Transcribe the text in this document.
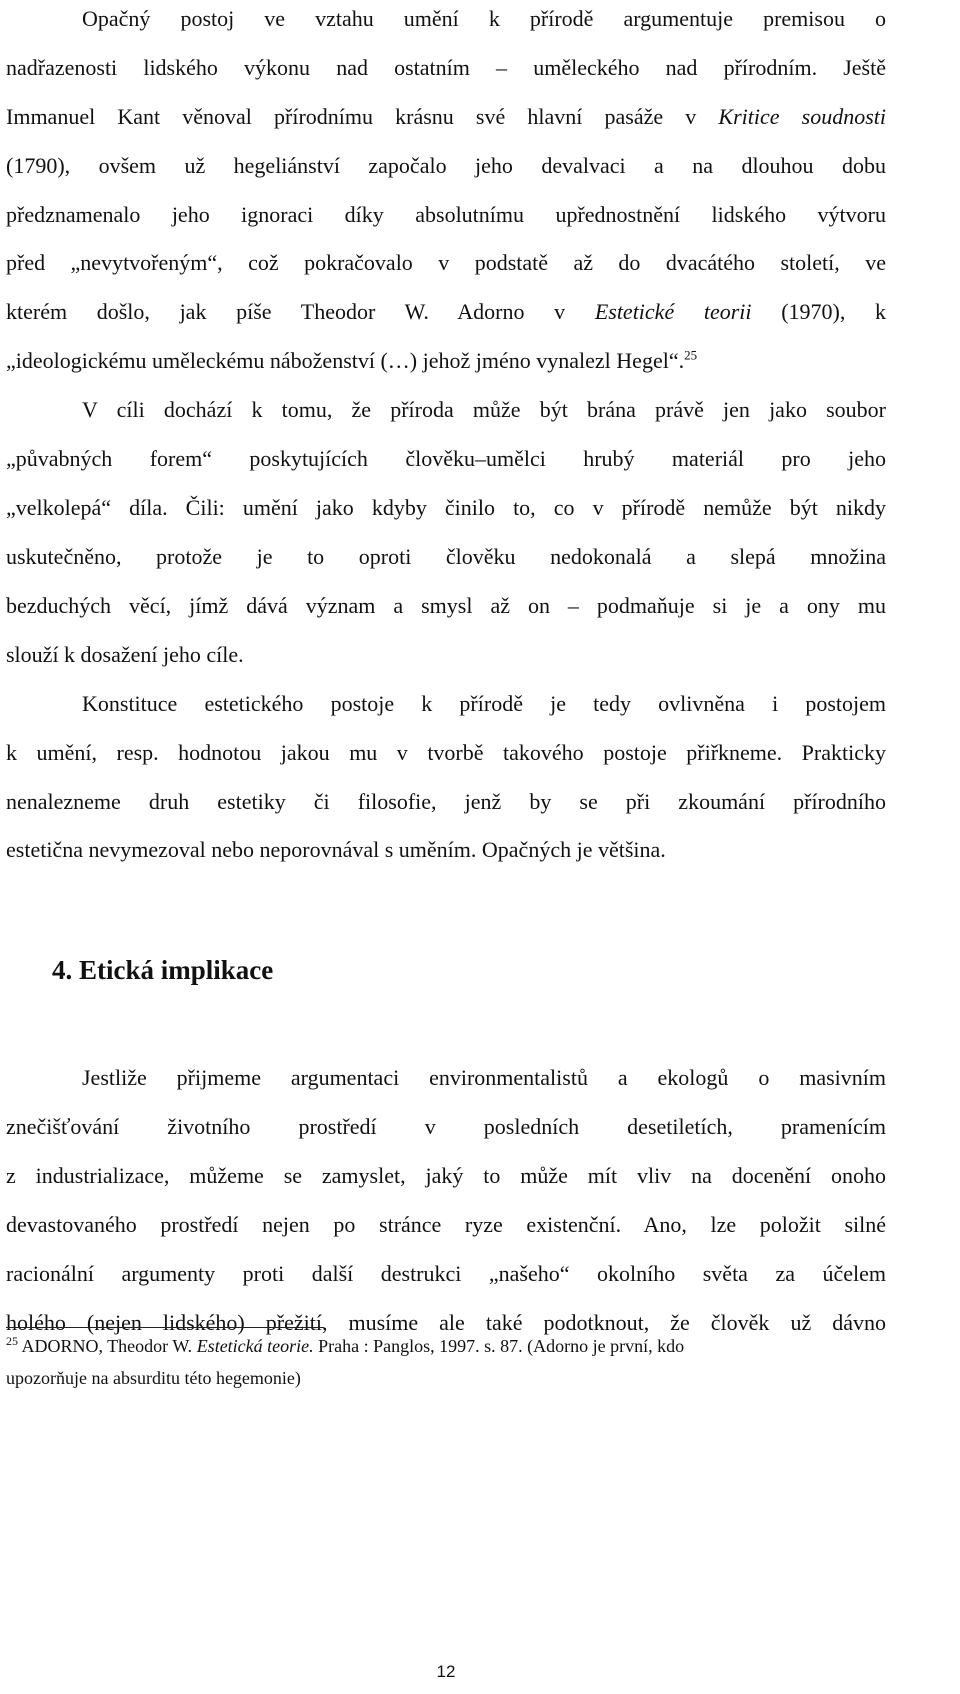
Opačný postoj ve vztahu umění k přírodě argumentuje premisou o
nadřazenosti lidského výkonu nad ostatním – uměleckého nad přírodním. Ještě
Immanuel Kant věnoval přírodnímu krásnu své hlavní pasáže v Kritice soudnosti
(1790), ovšem už hegeliánství započalo jeho devalvaci a na dlouhou dobu
předznamenalo jeho ignoraci díky absolutnímu upřednostnění lidského výtvoru
před „nevytvořeným“, což pokračovalo v podstatě až do dvacátého století, ve
kterém došlo, jak píše Theodor W. Adorno v Estetické teorii (1970), k
„ideologickému uměleckému náboženství (…) jehož jméno vynalezl Hegel“.$^{25}$
V cíli dochází k tomu, že příroda může být brána právě jen jako soubor
„půvabných forem“ poskytujících člověku–umělci hrubý materiál pro jeho
„velkolepá“ díla. Čili: umění jako kdyby činilo to, co v přírodě nemůže být nikdy
uskutečněno, protože je to oproti člověku nedokonalá a slepá množina
bezduchých věcí, jímž dává význam a smysl až on – podmaňuje si je a ony mu
slouží k dosažení jeho cíle.
Konstituce estetického postoje k přírodě je tedy ovlivněna i postojem
k umění, resp. hodnotou jakou mu v tvorbě takového postoje přiřkneme. Prakticky
nenalezneme druh estetiky či filosofie, jenž by se při zkoumání přírodního
estetična nevymezoval nebo neporovnával s uměním. Opačných je většina.
4. Etická implikace
Jestliže přijmeme argumentaci environmentalistů a ekologů o masivním
znečišťování životního prostředí v posledních desetiletích, pramenícím
z industrializace, můžeme se zamyslet, jaký to může mít vliv na docenění onoho
devastovaného prostředí nejen po stránce ryze existenční. Ano, lze položit silné
racionální argumenty proti další destrukci „našeho“ okolního světa za účelem
holého (nejen lidského) přežití, musíme ale také podotknout, že člověk už dávno
$^{25}$ ADORNO, Theodor W. Estetická teorie. Praha : Panglos, 1997. s. 87. (Adorno je první, kdo
upozorňuje na absurditu této hegemonie)
12
